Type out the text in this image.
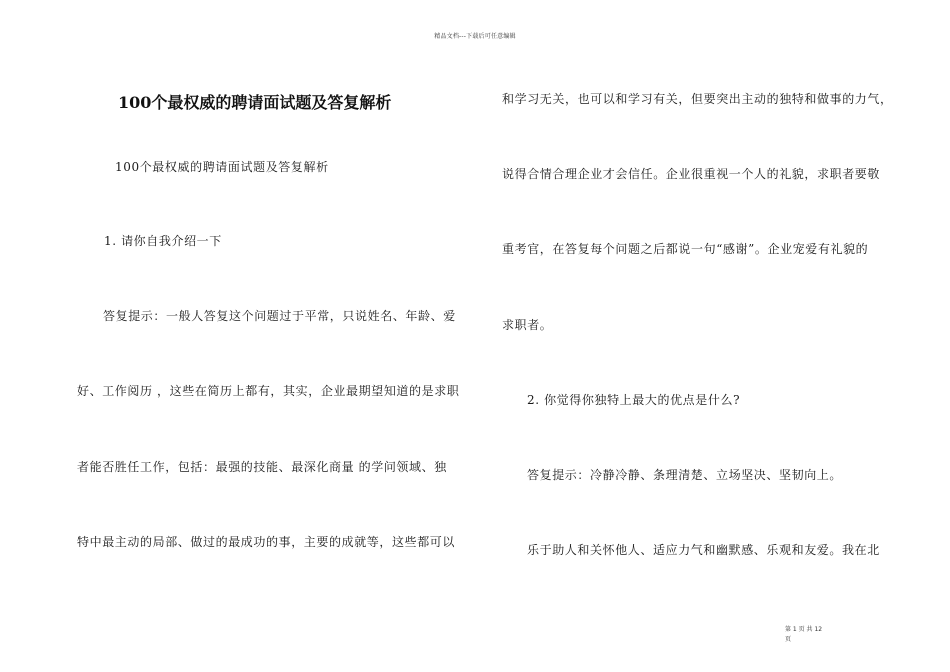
精品文档---下载后可任意编辑
100个最权威的聘请面试题及答复解析
100个最权威的聘请面试题及答复解析
1. 请你自我介绍一下
答复提示：一般人答复这个问题过于平常，只说姓名、年龄、爱
好、工作阅历 ，这些在简历上都有，其实，企业最期望知道的是求职
者能否胜任工作，包括：最强的技能、最深化商量 的学问领域、独
特中最主动的局部、做过的最成功的事，主要的成就等，这些都可以
和学习无关，也可以和学习有关，但要突出主动的独特和做事的力气，
说得合情合理企业才会信任。企业很重视一个人的礼貌，求职者要敬
重考官，在答复每个问题之后都说一句“感谢”。企业宠爱有礼貌的
求职者。
2. 你觉得你独特上最大的优点是什么?
答复提示：冷静冷静、条理清楚、立场坚决、坚韧向上。
乐于助人和关怀他人、适应力气和幽默感、乐观和友爱。我在北
第 1 页 共 12
页
